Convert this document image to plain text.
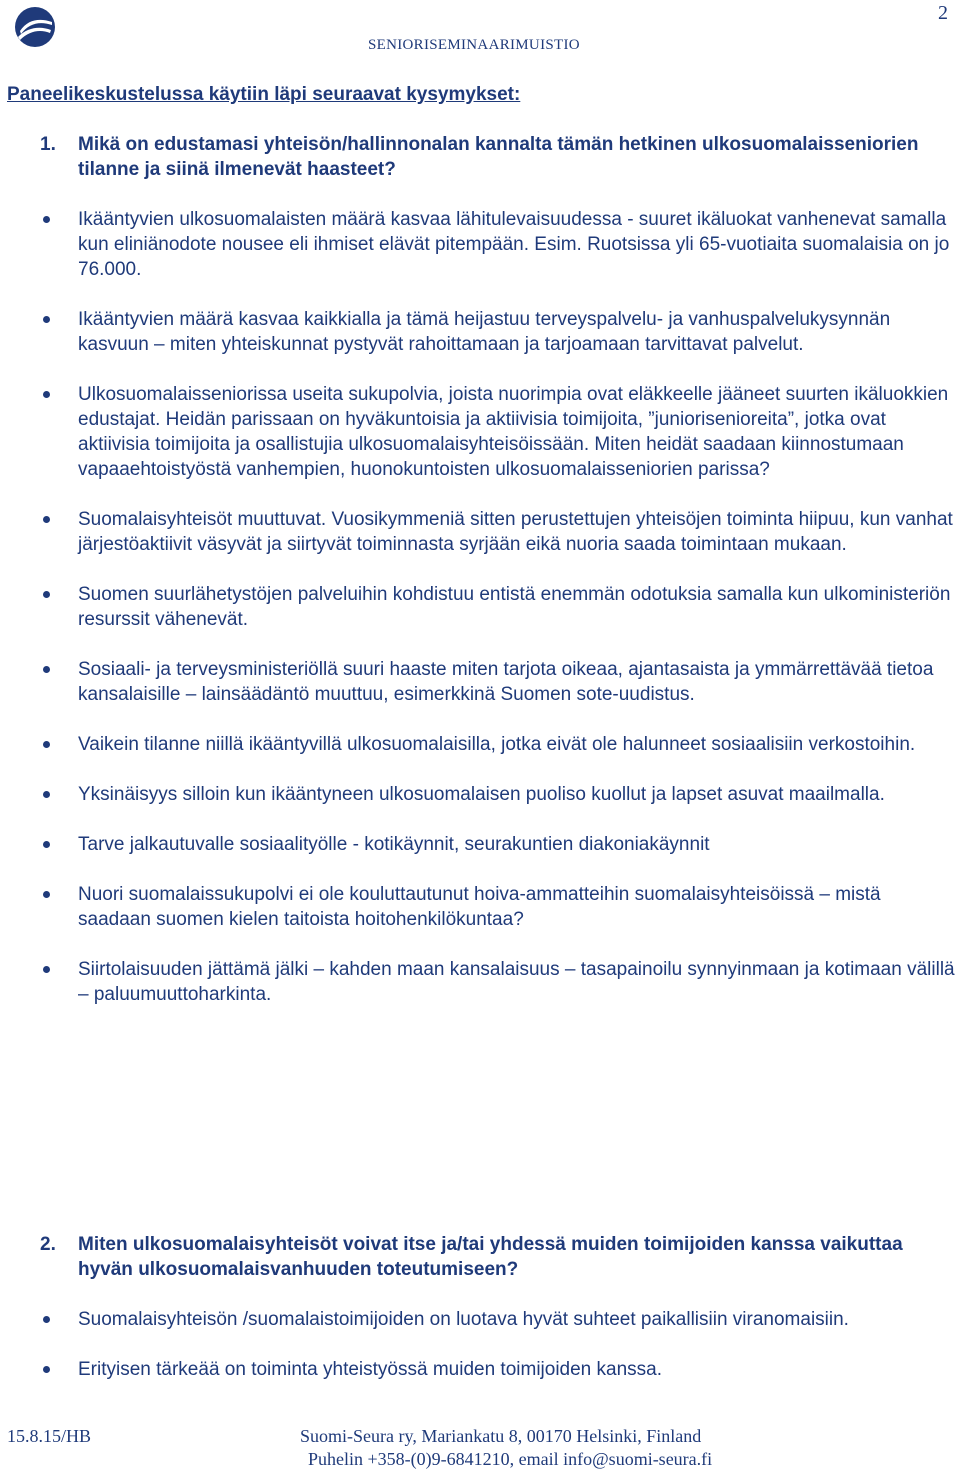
SENIORISEMINAARIMUISTIO
2

Paneelikeskustelussa käytiin läpi seuraavat kysymykset:

1. Mikä on edustamasi yhteisön/hallinnonalan kannalta tämän hetkinen ulkosuomalaisseniorien tilanne ja siinä ilmenevät haasteet?
Ikääntyvien ulkosuomalaisten määrä kasvaa lähitulevaisuudessa - suuret ikäluokat vanhenevat samalla kun eliniänodote nousee eli ihmiset elävät pitempään. Esim. Ruotsissa yli 65-vuotiaita suomalaisia on jo 76.000.
Ikääntyvien määrä kasvaa kaikkialla ja tämä heijastuu terveyspalvelu- ja vanhuspalvelukysynnän kasvuun – miten yhteiskunnat pystyvät rahoittamaan ja tarjoamaan tarvittavat palvelut.
Ulkosuomalaisseniorissa useita sukupolvia, joista nuorimpia ovat eläkkeelle jääneet suurten ikäluokkien edustajat. Heidän parissaan on hyväkuntoisia ja aktiivisia toimijoita, ”juniorisenioreita”, jotka ovat aktiivisia toimijoita ja osallistujia ulkosuomalaisyhteisöissään. Miten heidät saadaan kiinnostumaan vapaaehtoistyöstä vanhempien, huonokuntoisten ulkosuomalaisseniorien parissa?
Suomalaisyhteisöt muuttuvat. Vuosikymmeniä sitten perustettujen yhteisöjen toiminta hiipuu, kun vanhat järjestöaktiivit väsyvät ja siirtyvät toiminnasta syrjään eikä nuoria saada toimintaan mukaan.
Suomen suurlähetystöjen palveluihin kohdistuu entistä enemmän odotuksia samalla kun ulkoministeriön resurssit vähenevät.
Sosiaali- ja terveysministeriöllä suuri haaste miten tarjota oikeaa, ajantasaista ja ymmärrettävää tietoa kansalaisille – lainsäädäntö muuttuu, esimerkkinä Suomen sote-uudistus.
Vaikein tilanne niillä ikääntyvillä ulkosuomalaisilla, jotka eivät ole halunneet sosiaalisiin verkostoihin.
Yksinäisyys silloin kun ikääntyneen ulkosuomalaisen puoliso kuollut ja lapset asuvat maailmalla.
Tarve jalkautuvalle sosiaalityölle - kotikäynnit, seurakuntien diakoniakäynnit
Nuori suomalaissukupolvi ei ole kouluttautunut hoiva-ammatteihin suomalaisyhteisöissä – mistä saadaan suomen kielen taitoista hoitohenkilökuntaa?
Siirtolaisuuden jättämä jälki – kahden maan kansalaisuus – tasapainoilu synnyinmaan ja kotimaan välillä – paluumuuttoharkinta.
2. Miten ulkosuomalaisyhteisöt voivat itse ja/tai yhdessä muiden toimijoiden kanssa vaikuttaa hyvän ulkosuomalaisvanhuuden toteutumiseen?
Suomalaisyhteisön /suomalaistoimijoiden on luotava hyvät suhteet paikallisiin viranomaisiin.
Erityisen tärkeää on toiminta yhteistyössä muiden toimijoiden kanssa.
15.8.15/HB	Suomi-Seura ry, Mariankatu 8, 00170 Helsinki, Finland
Puhelin +358-(0)9-6841210, email info@suomi-seura.fi
